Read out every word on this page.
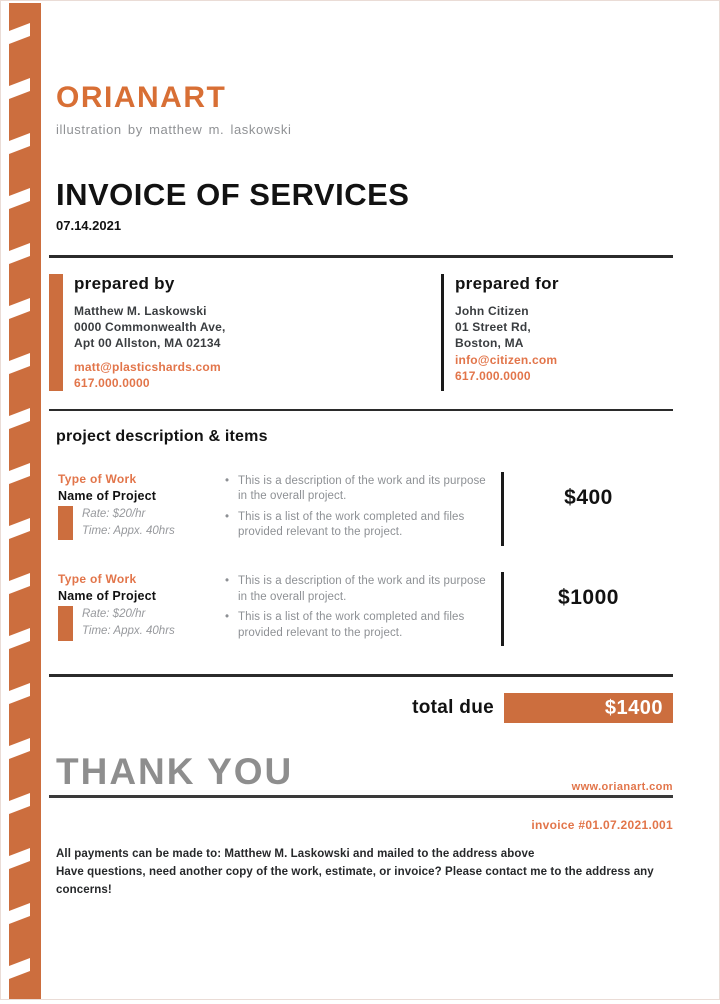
ORIANART
illustration by matthew m. laskowski
INVOICE OF SERVICES
07.14.2021
prepared by
Matthew M. Laskowski
0000 Commonwealth Ave,
Apt 00 Allston, MA 02134
matt@plasticshards.com
617.000.0000
prepared for
John Citizen
01 Street Rd,
Boston, MA
info@citizen.com
617.000.0000
project description & items
Type of Work
Name of Project
Rate: $20/hr
Time: Appx. 40hrs
• This is a description of the work and its purpose in the overall project.
• This is a list of the work completed and files provided relevant to the project.
$400
Type of Work
Name of Project
Rate: $20/hr
Time: Appx. 40hrs
• This is a description of the work and its purpose in the overall project.
• This is a list of the work completed and files provided relevant to the project.
$1000
total due	$1400
THANK YOU	www.orianart.com
invoice #01.07.2021.001
All payments can be made to: Matthew M. Laskowski and mailed to the address above
Have questions, need another copy of the work, estimate, or invoice? Please contact me to the address any concerns!
